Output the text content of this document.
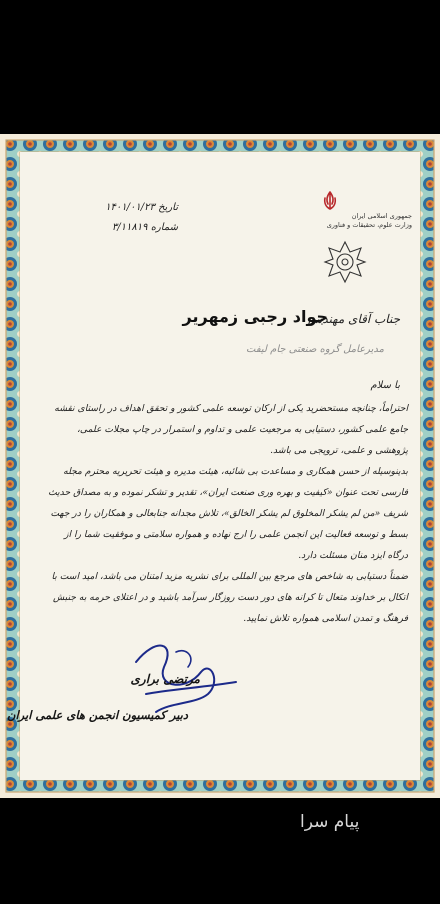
جمهوری اسلامی ایران
وزارت علوم، تحقیقات و فناوری
تاریخ ۱۴۰۱/۰۱/۲۳
شماره ۳/۱۱۸۱۹
جناب آقای مهندس
جواد رجبی زمهریر
مدیرعامل گروه صنعتی جام لیفت
با سلام

احتراماً، چنانچه مستحضرید یکی از ارکان توسعه علمی کشور و تحقق اهداف در راستای نقشه جامع علمی کشور، دستیابی به مرجعیت علمی و تداوم و استمرار در چاپ مجلات علمی، پژوهشی و علمی، ترویجی می باشد.

بدینوسیله از حسن همکاری و مساعدت بی شائبه، هیئت مدیره و هیئت تحریریه محترم مجله فارسی تحت عنوان «کیفیت و بهره وری صنعت ایران»، تقدیر و تشکر نموده و به مصداق حدیث شریف «من لم یشکر المخلوق لم یشکر الخالق»، تلاش مجدانه جنابعالی و همکاران را در جهت بسط و توسعه فعالیت این انجمن علمی را ارج نهاده و همواره سلامتی و موفقیت شما را از درگاه ایزد منان مسئلت دارد.

ضمناً دستیابی به شاخص های مرجع بین المللی برای نشریه مزید امتنان می باشد، امید است با اتکال بر خداوند متعال تا کرانه های دور دست روزگار سرآمد باشید و در اعتلای حرمه به جنبش فرهنگ و تمدن اسلامی همواره تلاش نمایید.

مرتضی براری
دبیر کمیسیون انجمن های علمی ایران
پیام سرا
